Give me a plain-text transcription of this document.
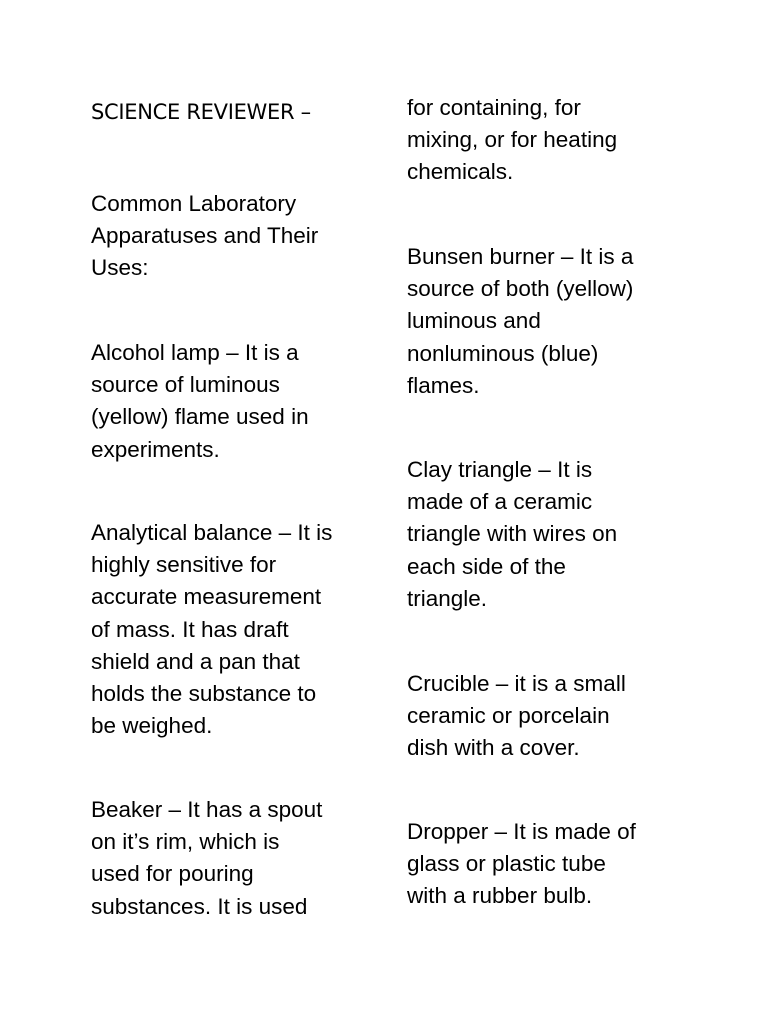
SCIENCE REVIEWER –

Common Laboratory
Apparatuses and Their
Uses:

Alcohol lamp – It is a
source of luminous
(yellow) flame used in
experiments.

Analytical balance – It is
highly sensitive for
accurate measurement
of mass. It has draft
shield and a pan that
holds the substance to
be weighed.

Beaker – It has a spout
on it’s rim, which is
used for pouring
substances. It is used

for containing, for
mixing, or for heating
chemicals.

Bunsen burner – It is a
source of both (yellow)
luminous and
nonluminous (blue)
flames.

Clay triangle – It is
made of a ceramic
triangle with wires on
each side of the
triangle.

Crucible – it is a small
ceramic or porcelain
dish with a cover.

Dropper – It is made of
glass or plastic tube
with a rubber bulb.
